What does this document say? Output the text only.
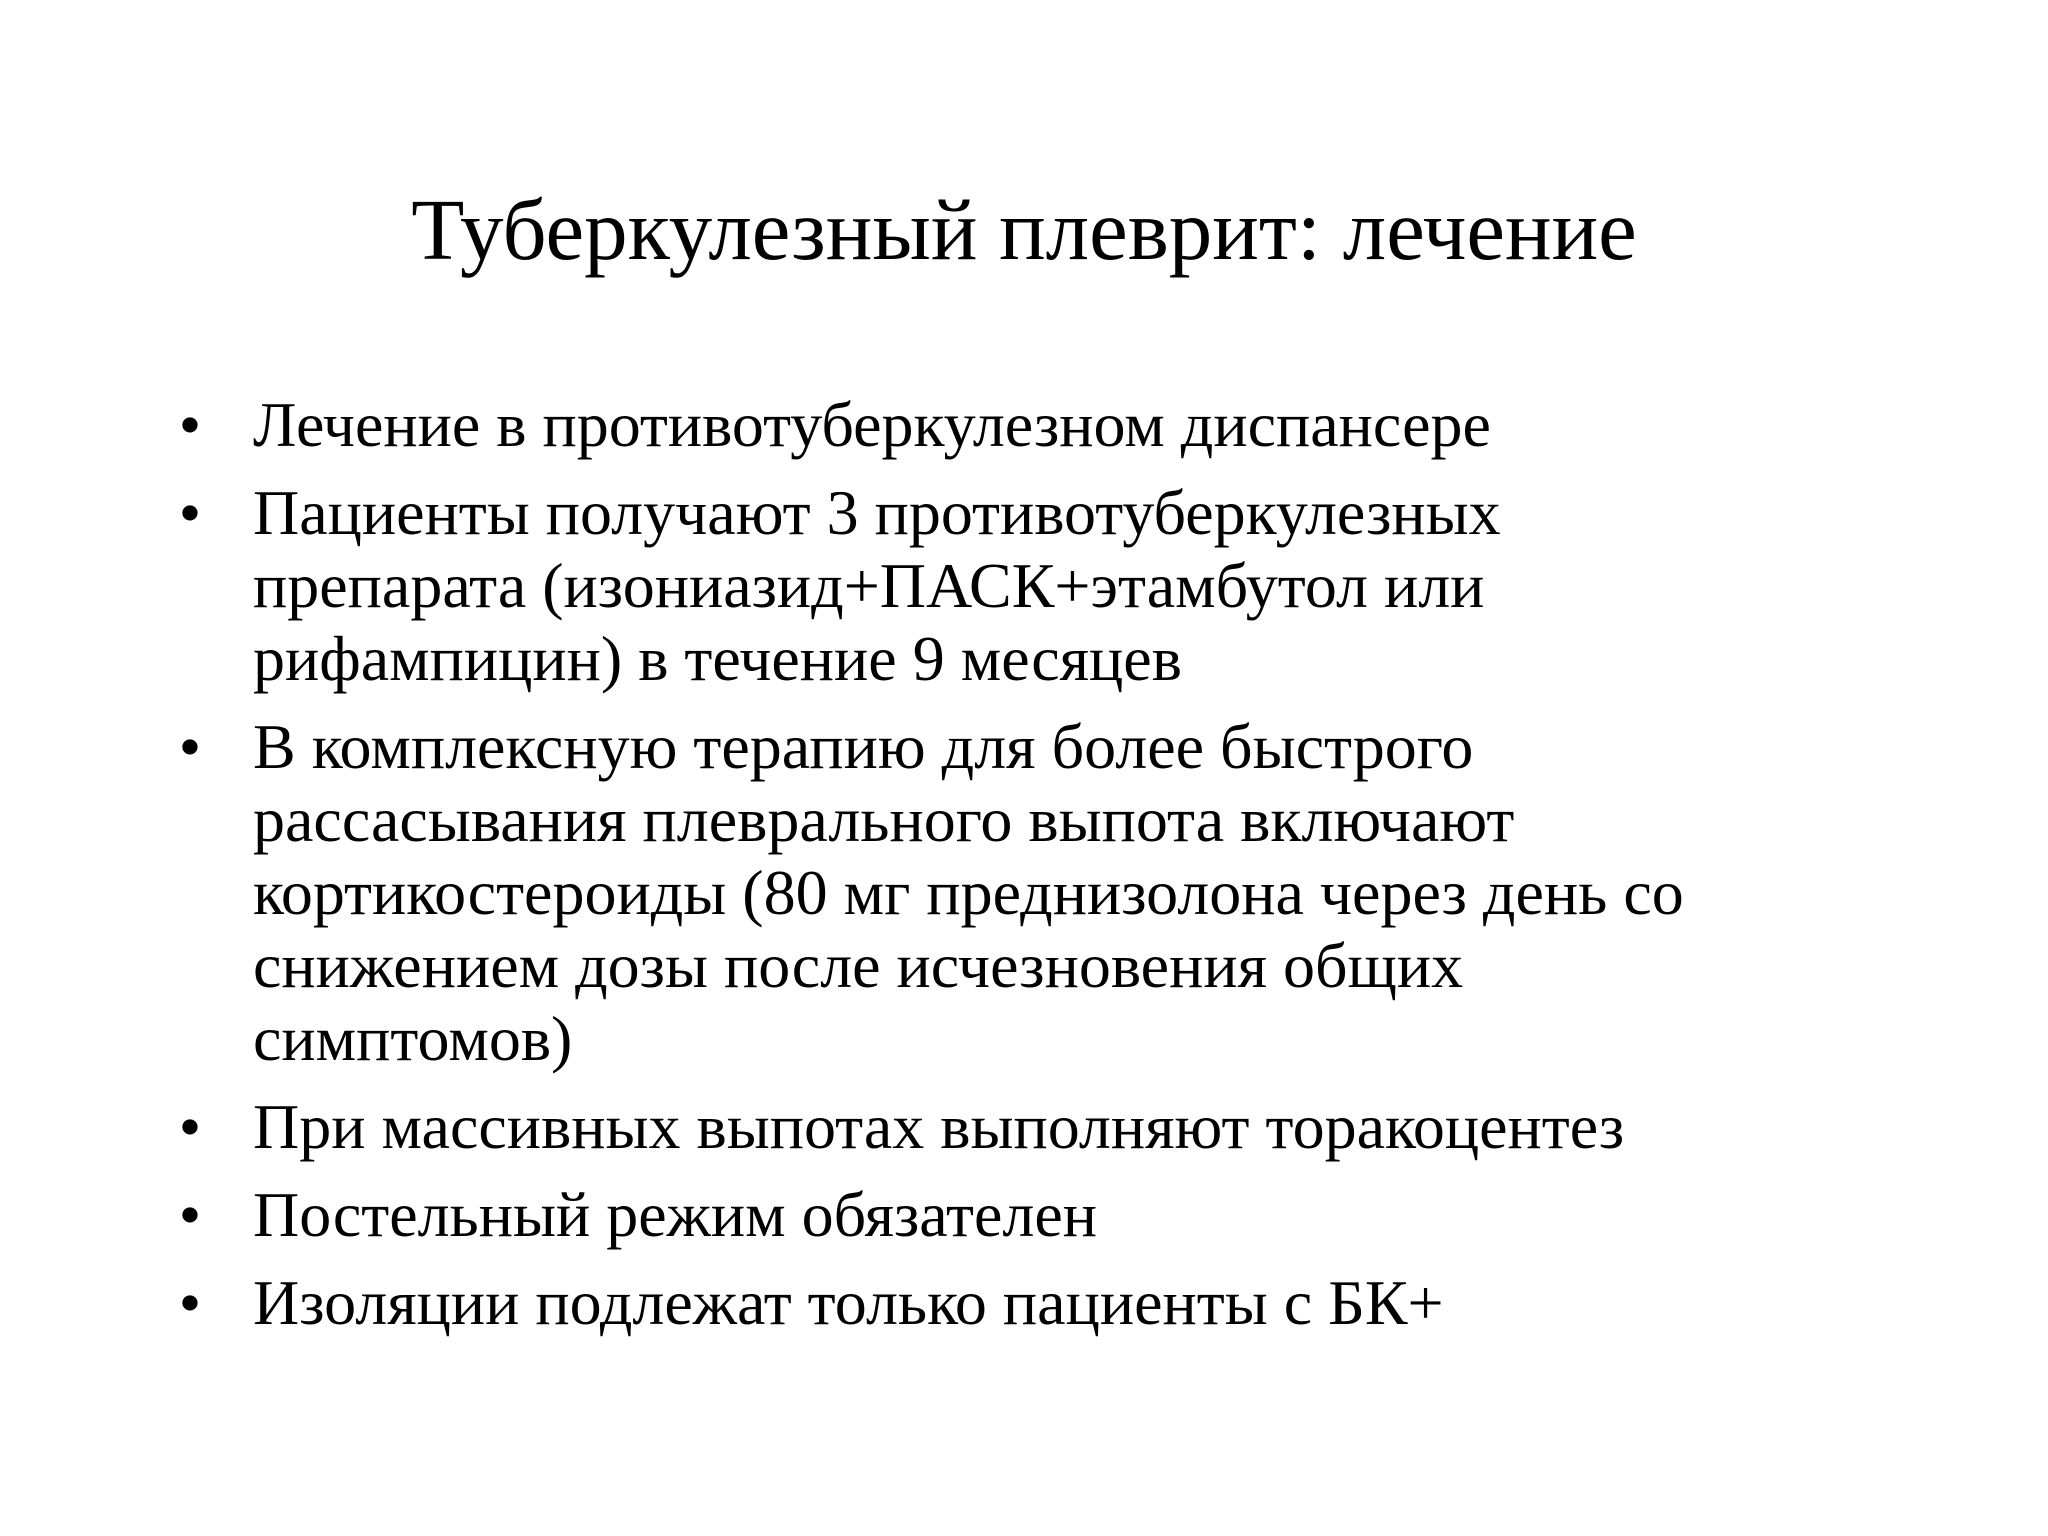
Туберкулезный плеврит: лечение
• Лечение в противотуберкулезном диспансере
• Пациенты получают 3 противотуберкулезных
препарата (изониазид+ПАСК+этамбутол или
рифампицин) в течение 9 месяцев
• В комплексную терапию для более быстрого
рассасывания плеврального выпота включают
кортикостероиды (80 мг преднизолона через день со
снижением дозы после исчезновения общих
симптомов)
• При массивных выпотах выполняют торакоцентез
• Постельный режим обязателен
• Изоляции подлежат только пациенты с БК+
